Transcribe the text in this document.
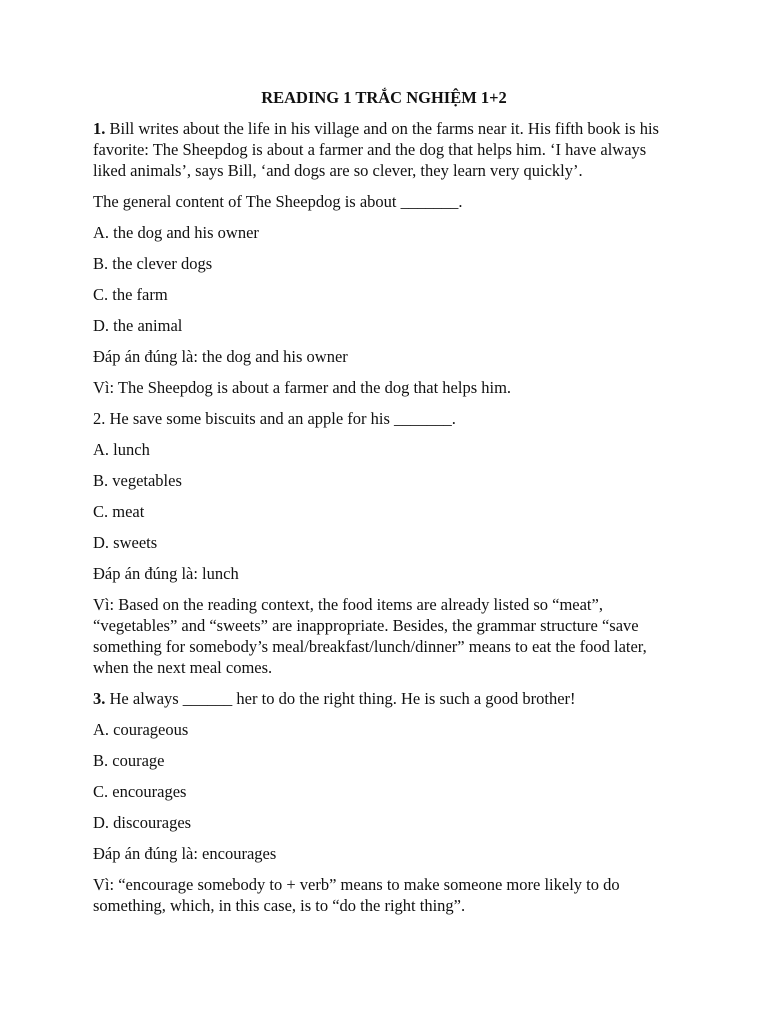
READING 1 TRẮC NGHIỆM 1+2

1. Bill writes about the life in his village and on the farms near it. His fifth book is his favorite: The Sheepdog is about a farmer and the dog that helps him. ‘I have always liked animals’, says Bill, ‘and dogs are so clever, they learn very quickly’.

The general content of The Sheepdog is about _______.

A. the dog and his owner

B. the clever dogs

C. the farm

D. the animal

Đáp án đúng là: the dog and his owner

Vì: The Sheepdog is about a farmer and the dog that helps him.

2. He save some biscuits and an apple for his _______.

A. lunch

B. vegetables

C. meat

D. sweets

Đáp án đúng là: lunch

Vì: Based on the reading context, the food items are already listed so “meat”, “vegetables” and “sweets” are inappropriate. Besides, the grammar structure “save something for somebody’s meal/breakfast/lunch/dinner” means to eat the food later, when the next meal comes.

3. He always ______ her to do the right thing. He is such a good brother!

A. courageous

B. courage

C. encourages

D. discourages

Đáp án đúng là: encourages

Vì: “encourage somebody to + verb” means to make someone more likely to do something, which, in this case, is to “do the right thing”.
